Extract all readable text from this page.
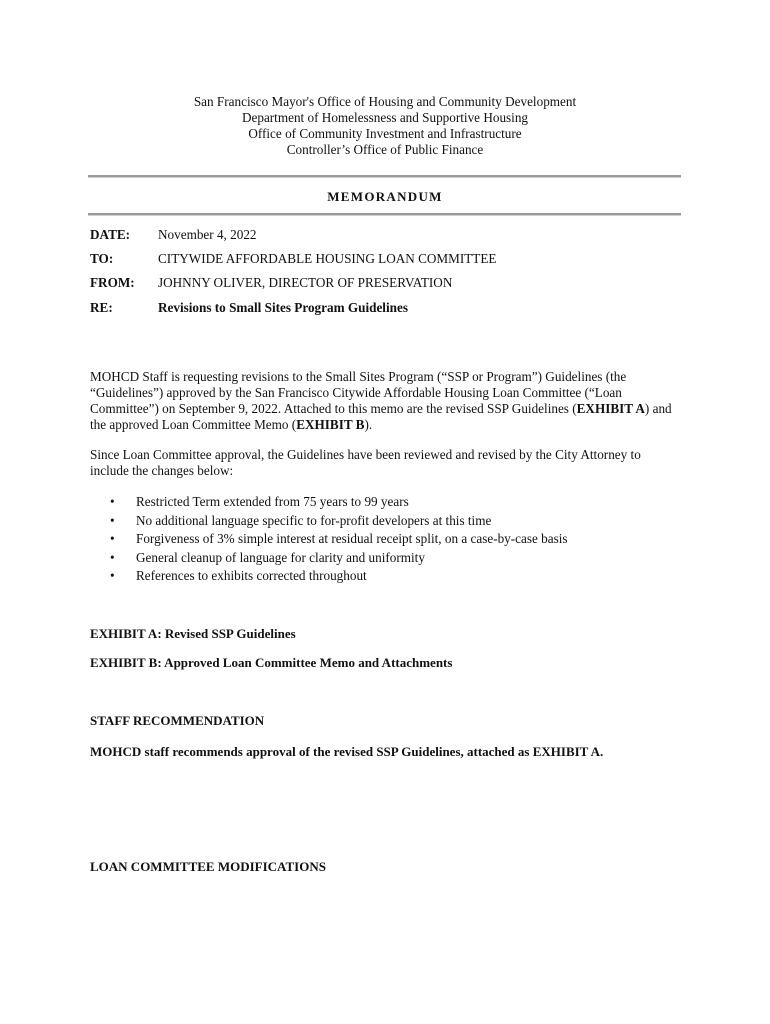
San Francisco Mayor's Office of Housing and Community Development
Department of Homelessness and Supportive Housing
Office of Community Investment and Infrastructure
Controller’s Office of Public Finance
MEMORANDUM
DATE: November 4, 2022
TO:	CITYWIDE AFFORDABLE HOUSING LOAN COMMITTEE
FROM: JOHNNY OLIVER, DIRECTOR OF PRESERVATION
RE:	Revisions to Small Sites Program Guidelines
MOHCD Staff is requesting revisions to the Small Sites Program (“SSP or Program”) Guidelines (the “Guidelines”) approved by the San Francisco Citywide Affordable Housing Loan Committee (“Loan Committee”) on September 9, 2022. Attached to this memo are the revised SSP Guidelines (EXHIBIT A) and the approved Loan Committee Memo (EXHIBIT B).
Since Loan Committee approval, the Guidelines have been reviewed and revised by the City Attorney to include the changes below:
• Restricted Term extended from 75 years to 99 years
• No additional language specific to for-profit developers at this time
• Forgiveness of 3% simple interest at residual receipt split, on a case-by-case basis
• General cleanup of language for clarity and uniformity
• References to exhibits corrected throughout
EXHIBIT A: Revised SSP Guidelines
EXHIBIT B: Approved Loan Committee Memo and Attachments
STAFF RECOMMENDATION
MOHCD staff recommends approval of the revised SSP Guidelines, attached as EXHIBIT A.
LOAN COMMITTEE MODIFICATIONS
